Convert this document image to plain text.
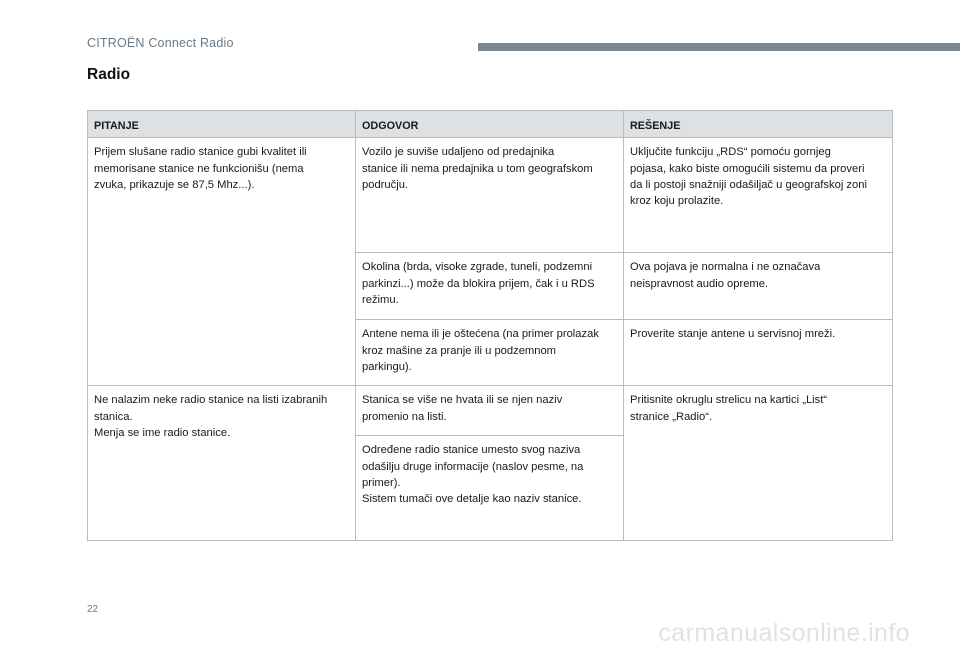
CITROËN Connect Radio
Radio
PITANJE	ODGOVOR	REŠENJE

Prijem slušane radio stanice gubi kvalitet ili
memorisane stanice ne funkcionišu (nema
zvuka, prikazuje se 87,5 Mhz...).	Vozilo je suviše udaljeno od predajnika
stanice ili nema predajnika u tom geografskom
području.	Uključite funkciju „RDS“ pomoću gornjeg
pojasa, kako biste omogućili sistemu da proveri
da li postoji snažniji odašiljač u geografskoj zoni
kroz koju prolazite.

	Okolina (brda, visoke zgrade, tuneli, podzemni
parkinzi...) može da blokira prijem, čak i u RDS
režimu.	Ova pojava je normalna i ne označava
neispravnost audio opreme.

	Antene nema ili je oštećena (na primer prolazak
kroz mašine za pranje ili u podzemnom
parkingu).	Proverite stanje antene u servisnoj mreži.

Ne nalazim neke radio stanice na listi izabranih
stanica.
Menja se ime radio stanice.	Stanica se više ne hvata ili se njen naziv
promenio na listi.	Pritisnite okruglu strelicu na kartici „List“
stranice „Radio“.

	Određene radio stanice umesto svog naziva
odašilju druge informacije (naslov pesme, na
primer).
Sistem tumači ove detalje kao naziv stanice.	
22
carmanualsonline.info
